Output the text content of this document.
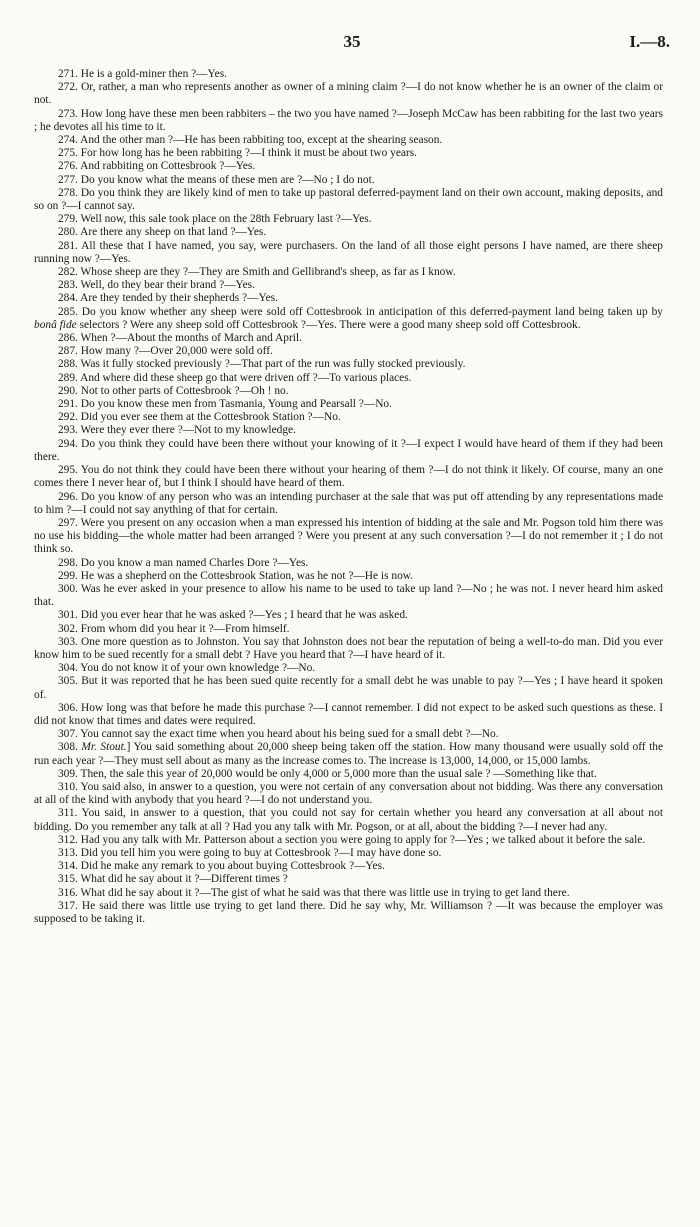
35	I.—8.

271. He is a gold-miner then ?—Yes.

272. Or, rather, a man who represents another as owner of a mining claim ?—I do not know whether he is an owner of the claim or not.

273. How long have these men been rabbiters – the two you have named ?—Joseph McCaw has been rabbiting for the last two years ; he devotes all his time to it.

274. And the other man ?—He has been rabbiting too, except at the shearing season.

275. For how long has he been rabbiting ?—I think it must be about two years.

276. And rabbiting on Cottesbrook ?—Yes.

277. Do you know what the means of these men are ?—No ; I do not.

278. Do you think they are likely kind of men to take up pastoral deferred-payment land on their own account, making deposits, and so on ?—I cannot say.

279. Well now, this sale took place on the 28th February last ?—Yes.

280. Are there any sheep on that land ?—Yes.

281. All these that I have named, you say, were purchasers. On the land of all those eight persons I have named, are there sheep running now ?—Yes.

282. Whose sheep are they ?—They are Smith and Gellibrand's sheep, as far as I know.

283. Well, do they bear their brand ?—Yes.

284. Are they tended by their shepherds ?—Yes.

285. Do you know whether any sheep were sold off Cottesbrook in anticipation of this deferred-payment land being taken up by bonâ fide selectors ? Were any sheep sold off Cottesbrook ?—Yes. There were a good many sheep sold off Cottesbrook.

286. When ?—About the months of March and April.

287. How many ?—Over 20,000 were sold off.

288. Was it fully stocked previously ?—That part of the run was fully stocked previously.

289. And where did these sheep go that were driven off ?—To various places.

290. Not to other parts of Cottesbrook ?—Oh ! no.

291. Do you know these men from Tasmania, Young and Pearsall ?—No.

292. Did you ever see them at the Cottesbrook Station ?—No.

293. Were they ever there ?—Not to my knowledge.

294. Do you think they could have been there without your knowing of it ?—I expect I would have heard of them if they had been there.

295. You do not think they could have been there without your hearing of them ?—I do not think it likely. Of course, many an one comes there I never hear of, but I think I should have heard of them.

296. Do you know of any person who was an intending purchaser at the sale that was put off attending by any representations made to him ?—I could not say anything of that for certain.

297. Were you present on any occasion when a man expressed his intention of bidding at the sale and Mr. Pogson told him there was no use his bidding—the whole matter had been arranged ? Were you present at any such conversation ?—I do not remember it ; I do not think so.

298. Do you know a man named Charles Dore ?—Yes.

299. He was a shepherd on the Cottesbrook Station, was he not ?—He is now.

300. Was he ever asked in your presence to allow his name to be used to take up land ?—No ; he was not. I never heard him asked that.

301. Did you ever hear that he was asked ?—Yes ; I heard that he was asked.

302. From whom did you hear it ?—From himself.

303. One more question as to Johnston. You say that Johnston does not bear the reputation of being a well-to-do man. Did you ever know him to be sued recently for a small debt ? Have you heard that ?—I have heard of it.

304. You do not know it of your own knowledge ?—No.

305. But it was reported that he has been sued quite recently for a small debt he was unable to pay ?—Yes ; I have heard it spoken of.

306. How long was that before he made this purchase ?—I cannot remember. I did not expect to be asked such questions as these. I did not know that times and dates were required.

307. You cannot say the exact time when you heard about his being sued for a small debt ?—No.

308. Mr. Stout.] You said something about 20,000 sheep being taken off the station. How many thousand were usually sold off the run each year ?—They must sell about as many as the increase comes to. The increase is 13,000, 14,000, or 15,000 lambs.

309. Then, the sale this year of 20,000 would be only 4,000 or 5,000 more than the usual sale ? —Something like that.

310. You said also, in answer to a question, you were not certain of any conversation about not bidding. Was there any conversation at all of the kind with anybody that you heard ?—I do not understand you.

311. You said, in answer to a question, that you could not say for certain whether you heard any conversation at all about not bidding. Do you remember any talk at all ? Had you any talk with Mr. Pogson, or at all, about the bidding ?—I never had any.

312. Had you any talk with Mr. Patterson about a section you were going to apply for ?—Yes ; we talked about it before the sale.

313. Did you tell him you were going to buy at Cottesbrook ?—I may have done so.

314. Did he make any remark to you about buying Cottesbrook ?—Yes.

315. What did he say about it ?—Different times ?

316. What did he say about it ?—The gist of what he said was that there was little use in trying to get land there.

317. He said there was little use trying to get land there. Did he say why, Mr. Williamson ? —It was because the employer was supposed to be taking it.
